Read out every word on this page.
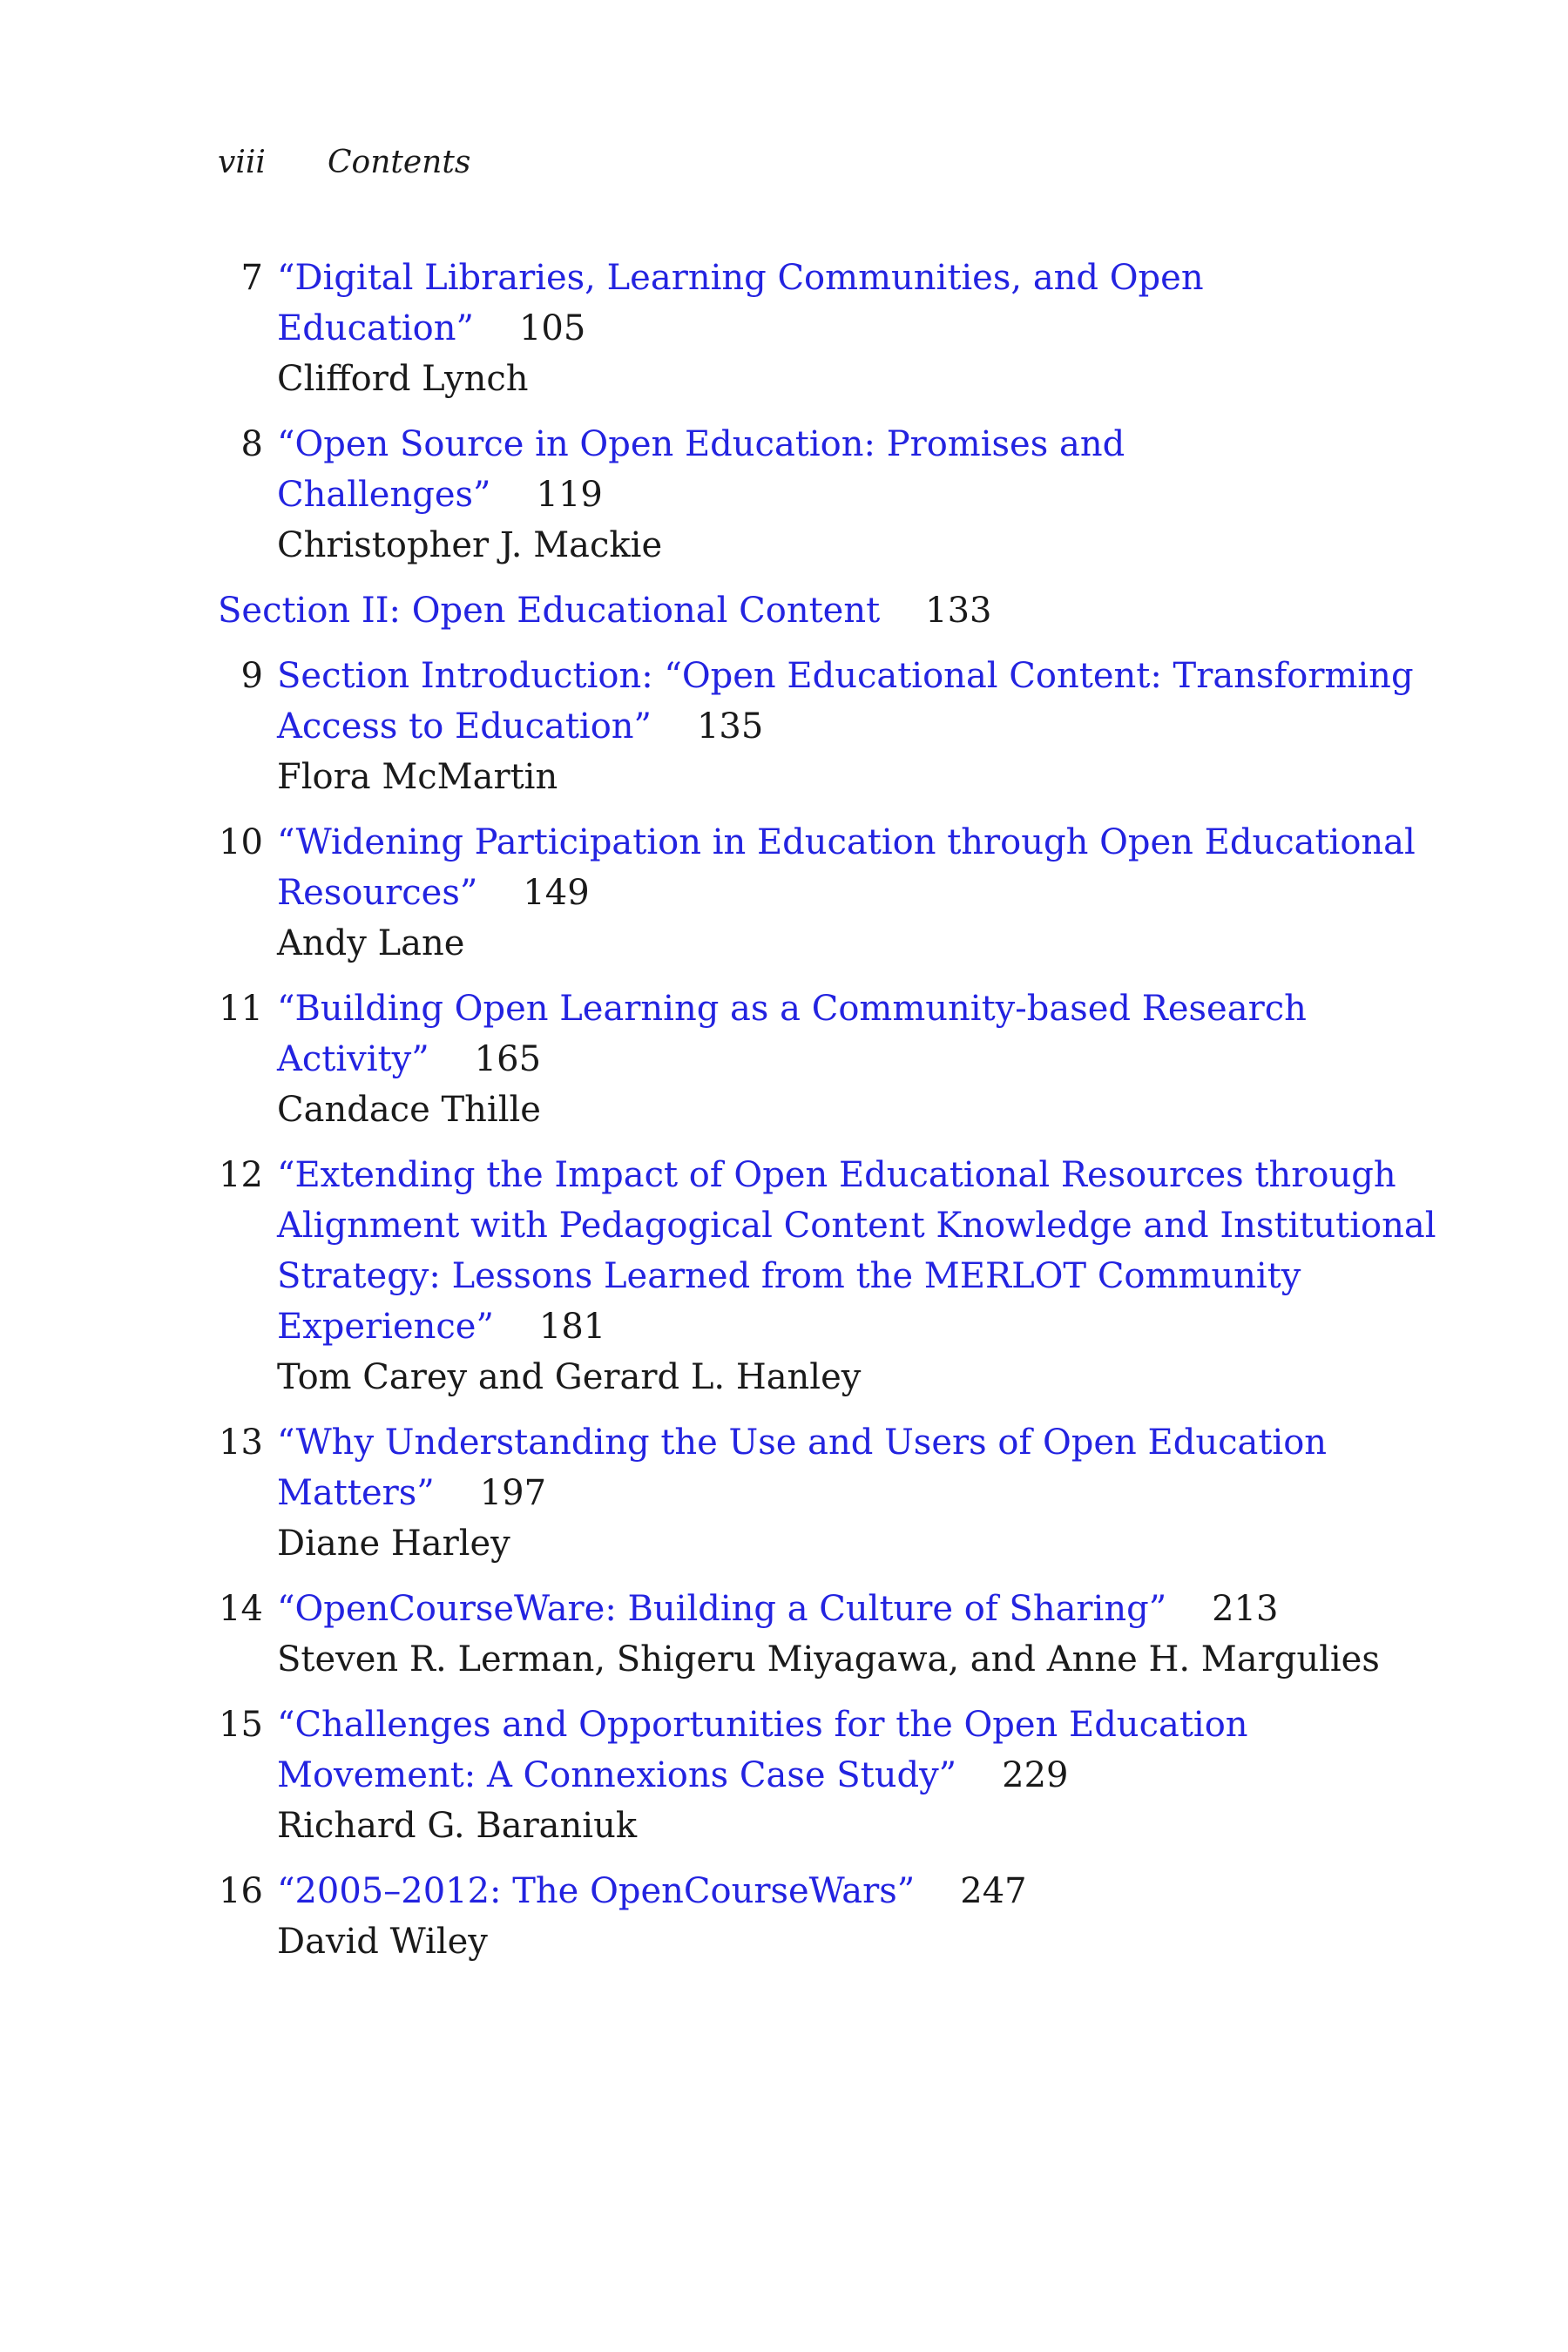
viii Contents
7 “Digital Libraries, Learning Communities, and Open Education” 105
Clifford Lynch
8 “Open Source in Open Education: Promises and Challenges” 119
Christopher J. Mackie
Section II: Open Educational Content 133
9 Section Introduction: “Open Educational Content: Transforming Access to Education” 135
Flora McMartin
10 “Widening Participation in Education through Open Educational Resources” 149
Andy Lane
11 “Building Open Learning as a Community-based Research Activity” 165
Candace Thille
12 “Extending the Impact of Open Educational Resources through Alignment with Pedagogical Content Knowledge and Institutional Strategy: Lessons Learned from the MERLOT Community Experience” 181
Tom Carey and Gerard L. Hanley
13 “Why Understanding the Use and Users of Open Education Matters” 197
Diane Harley
14 “OpenCourseWare: Building a Culture of Sharing” 213
Steven R. Lerman, Shigeru Miyagawa, and Anne H. Margulies
15 “Challenges and Opportunities for the Open Education Movement: A Connexions Case Study” 229
Richard G. Baraniuk
16 “2005–2012: The OpenCourseWars” 247
David Wiley
